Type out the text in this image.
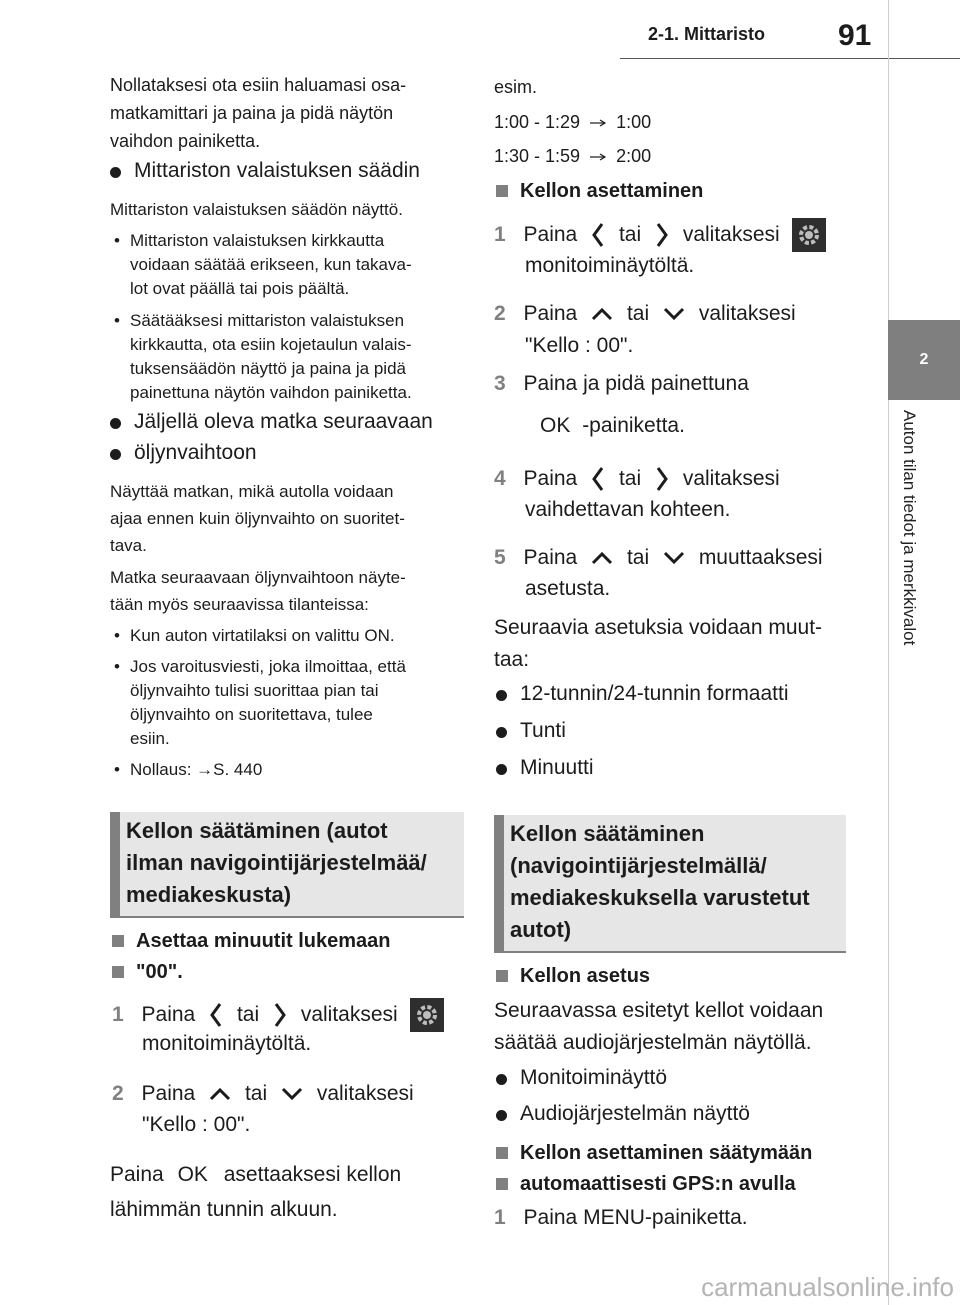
2-1. Mittaristo 91
2
Auton tilan tiedot ja merkkivalot
Nollataksesi ota esiin haluamasi osa-
matkamittari ja paina ja pidä näytön
vaihdon painiketta.
Mittariston valaistuksen säädin
Mittariston valaistuksen säädön näyttö.
• Mittariston valaistuksen kirkkautta
voidaan säätää erikseen, kun takava-
lot ovat päällä tai pois päältä.
• Säätääksesi mittariston valaistuksen
kirkkautta, ota esiin kojetaulun valais-
tuksensäädön näyttö ja paina ja pidä
painettuna näytön vaihdon painiketta.
Jäljellä oleva matka seuraavaan
öljynvaihtoon
Näyttää matkan, mikä autolla voidaan
ajaa ennen kuin öljynvaihto on suoritet-
tava.
Matka seuraavaan öljynvaihtoon näyte-
tään myös seuraavissa tilanteissa:
• Kun auton virtatilaksi on valittu ON.
• Jos varoitusviesti, joka ilmoittaa, että
öljynvaihto tulisi suorittaa pian tai
öljynvaihto on suoritettava, tulee
esiin.
• Nollaus: →S. 440
Kellon säätäminen (autot
ilman navigointijärjestelmää/
mediakeskusta)
Asettaa minuutit lukemaan
"00".
1 Paina tai valitaksesi
monitoiminäytöltä.
2 Paina tai valitaksesi
"Kello : 00".
Paina OK asettaaksesi kellon
lähimmän tunnin alkuun.
esim.
1:00 - 1:29 1:00
1:30 - 1:59 2:00
Kellon asettaminen
1 Paina tai valitaksesi
monitoiminäytöltä.
2 Paina tai valitaksesi
"Kello : 00".
3 Paina ja pidä painettuna
OK -painiketta.
4 Paina tai valitaksesi
vaihdettavan kohteen.
5 Paina tai muuttaaksesi
asetusta.
Seuraavia asetuksia voidaan muut-
taa:
12-tunnin/24-tunnin formaatti
Tunti
Minuutti
Kellon säätäminen
(navigointijärjestelmällä/
mediakeskuksella varustetut
autot)
Kellon asetus
Seuraavassa esitetyt kellot voidaan
säätää audiojärjestelmän näytöllä.
Monitoiminäyttö
Audiojärjestelmän näyttö
Kellon asettaminen säätymään
automaattisesti GPS:n avulla
1 Paina MENU-painiketta.
carmanualsonline.info
